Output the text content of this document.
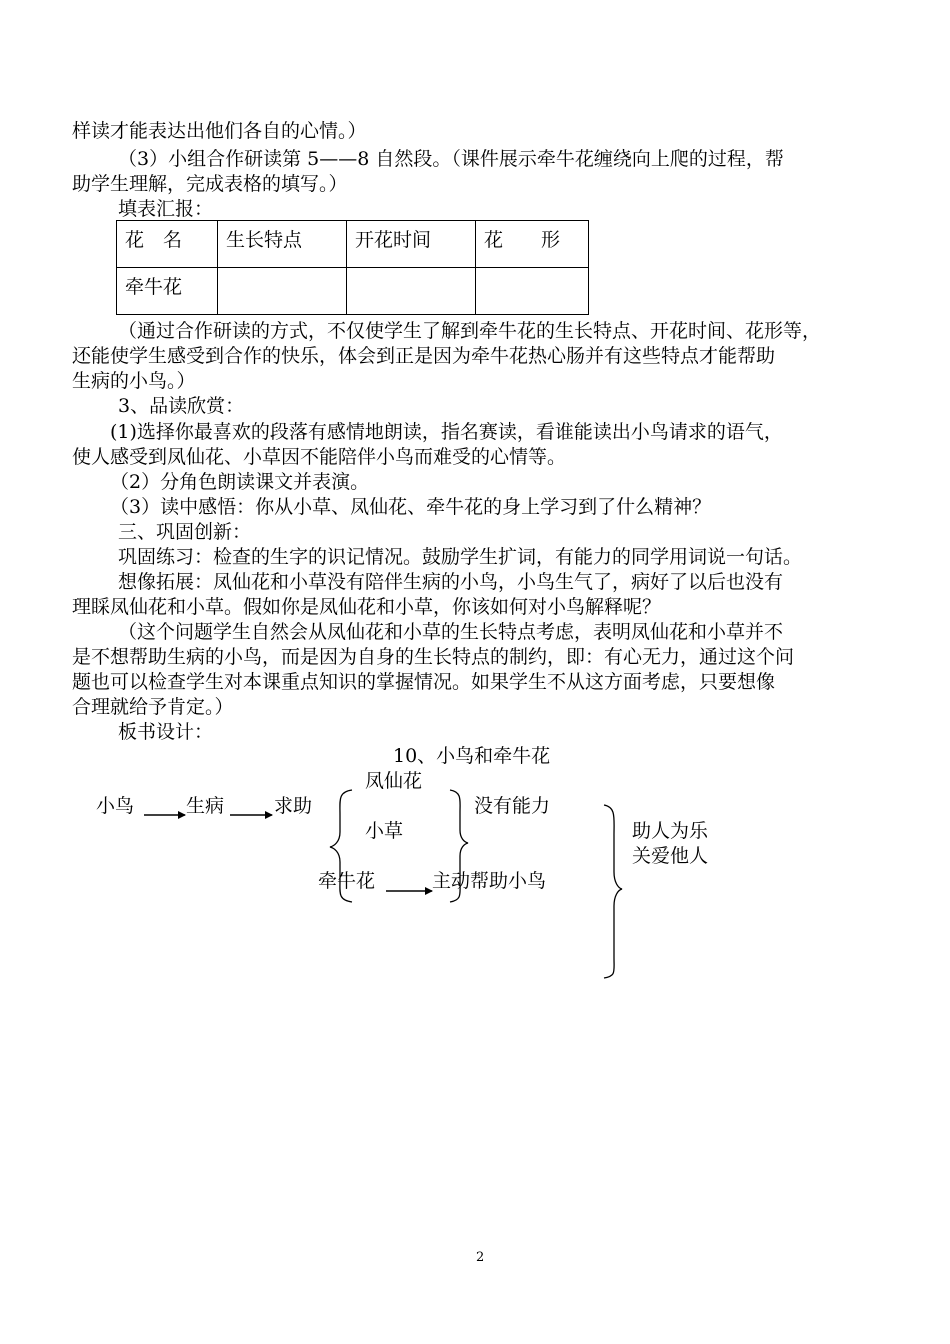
样读才能表达出他们各自的心情。）
（3）小组合作研读第 5——8 自然段。（课件展示牵牛花缠绕向上爬的过程，帮
助学生理解，完成表格的填写。）
填表汇报：
花　名	生长特点	开花时间	花　　形
牵牛花			
（通过合作研读的方式，不仅使学生了解到牵牛花的生长特点、开花时间、花形等，
还能使学生感受到合作的快乐，体会到正是因为牵牛花热心肠并有这些特点才能帮助
生病的小鸟。）
3、品读欣赏：
(1)选择你最喜欢的段落有感情地朗读，指名赛读，看谁能读出小鸟请求的语气，
使人感受到凤仙花、小草因不能陪伴小鸟而难受的心情等。
（2）分角色朗读课文并表演。
（3）读中感悟：你从小草、凤仙花、牵牛花的身上学习到了什么精神？
三、巩固创新：
巩固练习：检查的生字的识记情况。鼓励学生扩词，有能力的同学用词说一句话。
想像拓展：凤仙花和小草没有陪伴生病的小鸟，小鸟生气了，病好了以后也没有
理睬凤仙花和小草。假如你是凤仙花和小草，你该如何对小鸟解释呢？
（这个问题学生自然会从凤仙花和小草的生长特点考虑，表明凤仙花和小草并不
是不想帮助生病的小鸟，而是因为自身的生长特点的制约，即：有心无力，通过这个问
题也可以检查学生对本课重点知识的掌握情况。如果学生不从这方面考虑，只要想像
合理就给予肯定。）
板书设计：
10、小鸟和牵牛花
凤仙花
小鸟	生病	求助	没有能力
小草	助人为乐
关爱他人
牵牛花	主动帮助小鸟
2
